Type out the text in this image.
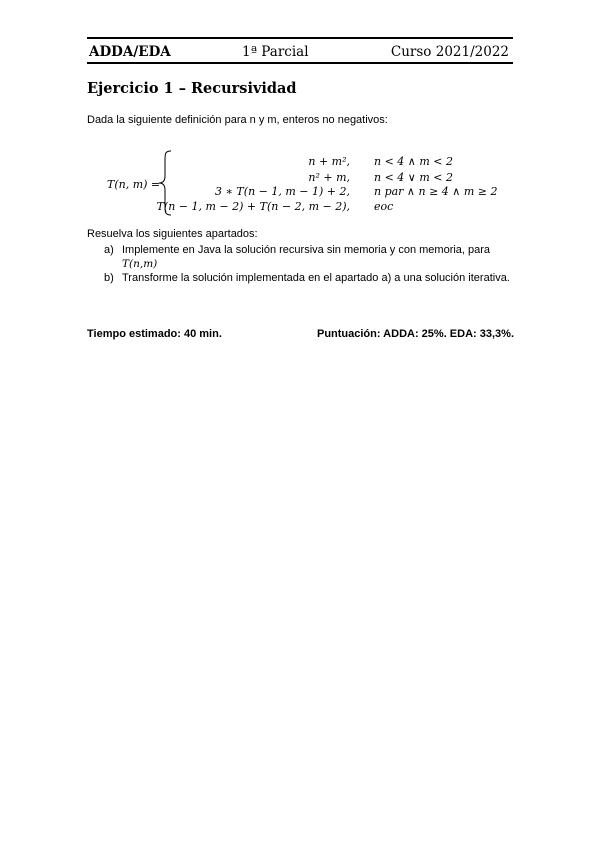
ADDA/EDA	1ª Parcial	Curso 2021/2022
Ejercicio 1 – Recursividad
Dada la siguiente definición para n y m, enteros no negativos:
T(n, m) =
n + m², n < 4 ∧ m < 2
n² + m, n < 4 ∨ m < 2
3 ∗ T(n − 1, m − 1) + 2, n par ∧ n ≥ 4 ∧ m ≥ 2
T(n − 1, m − 2) + T(n − 2, m − 2), eoc
Resuelva los siguientes apartados:
a) Implemente en Java la solución recursiva sin memoria y con memoria, para
T(n,m)
b) Transforme la solución implementada en el apartado a) a una solución iterativa.
Tiempo estimado: 40 min.	Puntuación: ADDA: 25%. EDA: 33,3%.
